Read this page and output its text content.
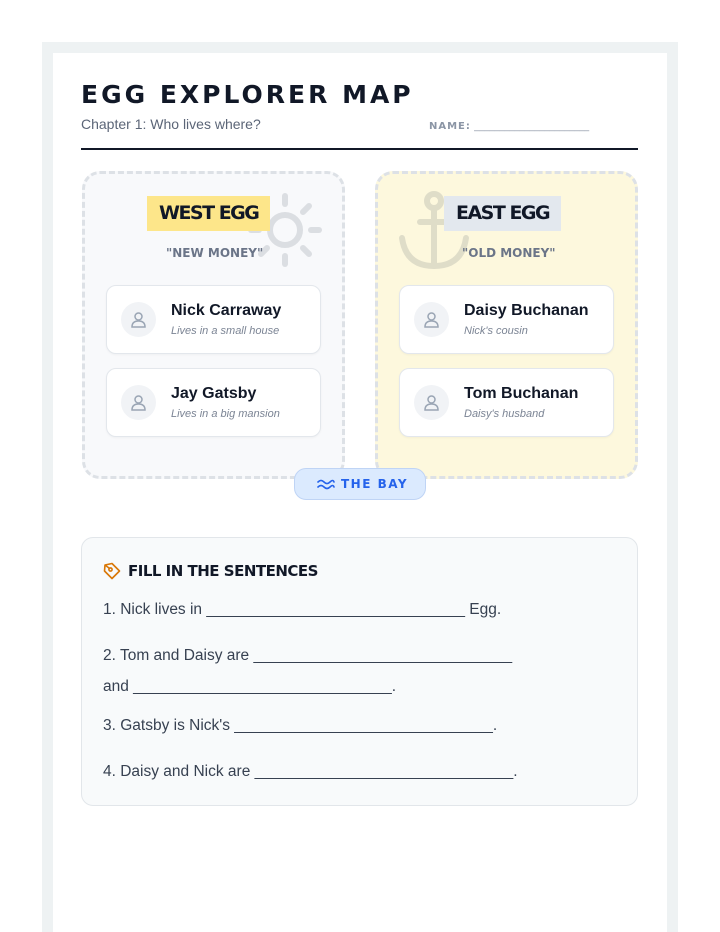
EGG EXPLORER MAP
Chapter 1: Who lives where?	NAME: _______________________
WEST EGG	EAST EGG
"NEW MONEY"	"OLD MONEY"
Nick Carraway
Lives in a small house
Jay Gatsby
Lives in a big mansion
Daisy Buchanan
Nick's cousin
Tom Buchanan
Daisy's husband
THE BAY
FILL IN THE SENTENCES
1. Nick lives in ______________________________ Egg.
2. Tom and Daisy are ______________________________ and ______________________________.
3. Gatsby is Nick's ______________________________.
4. Daisy and Nick are ______________________________.
